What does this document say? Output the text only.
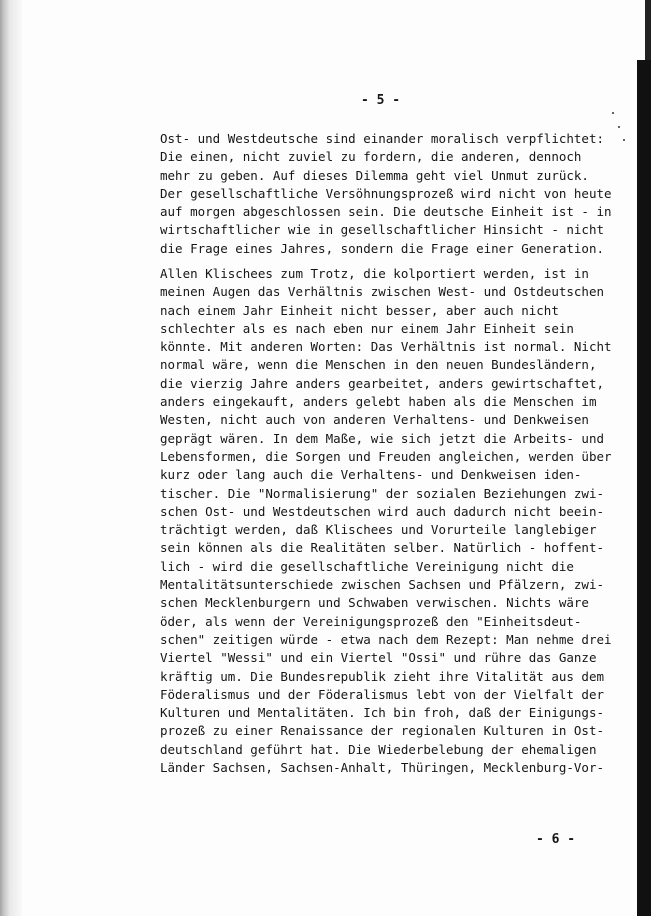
- 5 -
Ost- und Westdeutsche sind einander moralisch verpflichtet:
Die einen, nicht zuviel zu fordern, die anderen, dennoch
mehr zu geben. Auf dieses Dilemma geht viel Unmut zurück.
Der gesellschaftliche Versöhnungsprozeß wird nicht von heute
auf morgen abgeschlossen sein. Die deutsche Einheit ist - in
wirtschaftlicher wie in gesellschaftlicher Hinsicht - nicht
die Frage eines Jahres, sondern die Frage einer Generation.
Allen Klischees zum Trotz, die kolportiert werden, ist in
meinen Augen das Verhältnis zwischen West- und Ostdeutschen
nach einem Jahr Einheit nicht besser, aber auch nicht
schlechter als es nach eben nur einem Jahr Einheit sein
könnte. Mit anderen Worten: Das Verhältnis ist normal. Nicht
normal wäre, wenn die Menschen in den neuen Bundesländern,
die vierzig Jahre anders gearbeitet, anders gewirtschaftet,
anders eingekauft, anders gelebt haben als die Menschen im
Westen, nicht auch von anderen Verhaltens- und Denkweisen
geprägt wären. In dem Maße, wie sich jetzt die Arbeits- und
Lebensformen, die Sorgen und Freuden angleichen, werden über
kurz oder lang auch die Verhaltens- und Denkweisen iden-
tischer. Die "Normalisierung" der sozialen Beziehungen zwi-
schen Ost- und Westdeutschen wird auch dadurch nicht beein-
trächtigt werden, daß Klischees und Vorurteile langlebiger
sein können als die Realitäten selber. Natürlich - hoffent-
lich - wird die gesellschaftliche Vereinigung nicht die
Mentalitätsunterschiede zwischen Sachsen und Pfälzern, zwi-
schen Mecklenburgern und Schwaben verwischen. Nichts wäre
öder, als wenn der Vereinigungsprozeß den "Einheitsdeut-
schen" zeitigen würde - etwa nach dem Rezept: Man nehme drei
Viertel "Wessi" und ein Viertel "Ossi" und rühre das Ganze
kräftig um. Die Bundesrepublik zieht ihre Vitalität aus dem
Föderalismus und der Föderalismus lebt von der Vielfalt der
Kulturen und Mentalitäten. Ich bin froh, daß der Einigungs-
prozeß zu einer Renaissance der regionalen Kulturen in Ost-
deutschland geführt hat. Die Wiederbelebung der ehemaligen
Länder Sachsen, Sachsen-Anhalt, Thüringen, Mecklenburg-Vor-
- 6 -
